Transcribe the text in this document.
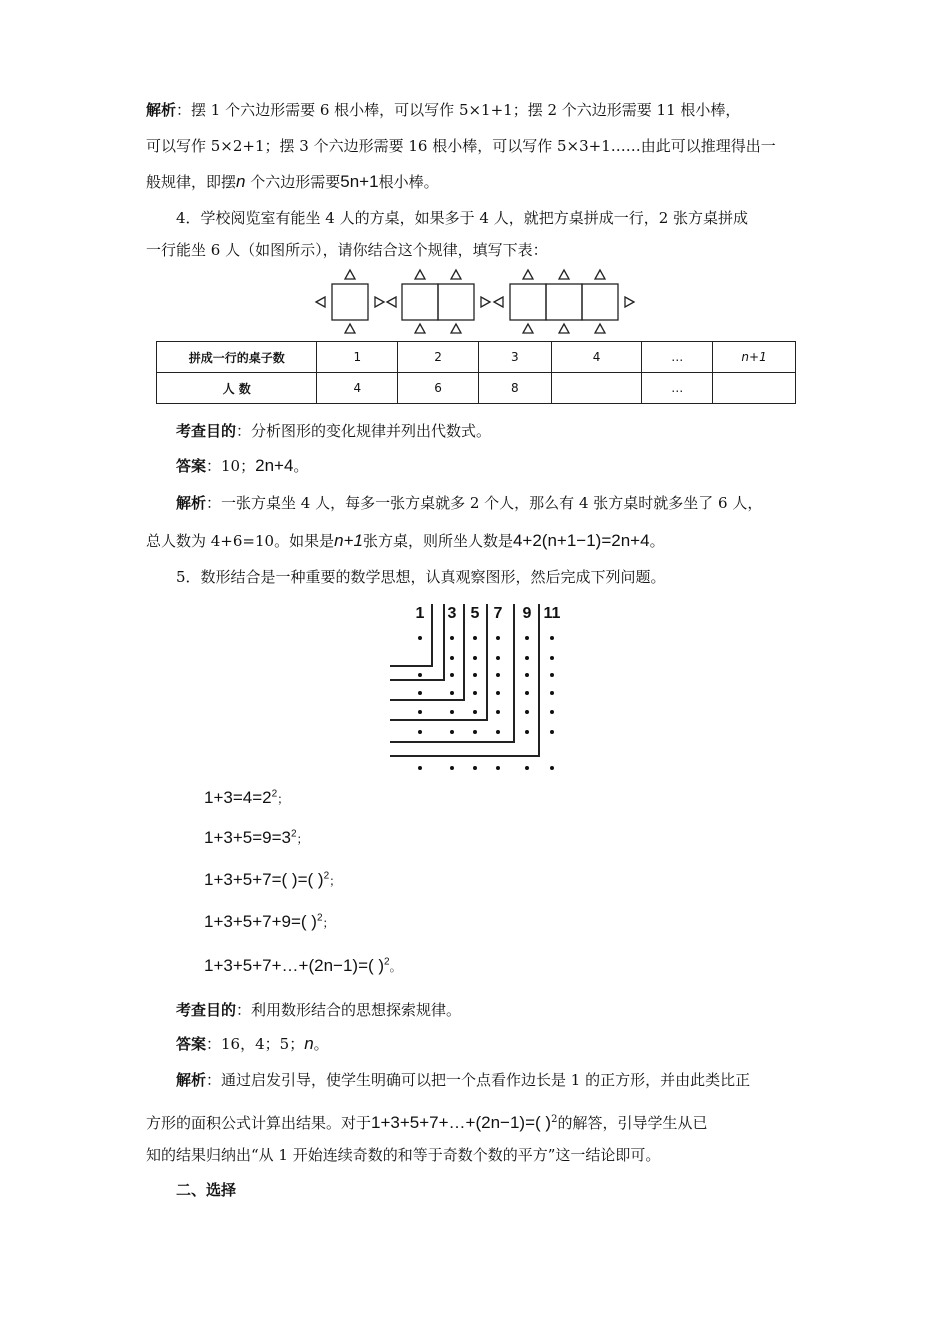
解析：摆 1 个六边形需要 6 根小棒，可以写作 5×1+1；摆 2 个六边形需要 11 根小棒，
可以写作 5×2+1；摆 3 个六边形需要 16 根小棒，可以写作 5×3+1……由此可以推理得出一
般规律，即摆n 个六边形需要5n+1根小棒。
4．学校阅览室有能坐 4 人的方桌，如果多于 4 人，就把方桌拼成一行，2 张方桌拼成
一行能坐 6 人（如图所示），请你结合这个规律，填写下表：
拼成一行的桌子数	1	2	3	4	…	n+1
人 数	4	6	8		…	
考查目的：分析图形的变化规律并列出代数式。
答案：10；2n+4。
解析：一张方桌坐 4 人，每多一张方桌就多 2 个人，那么有 4 张方桌时就多坐了 6 人，
总人数为 4+6=10。如果是n+1张方桌，则所坐人数是4+2(n+1−1)=2n+4。
5．数形结合是一种重要的数学思想，认真观察图形，然后完成下列问题。
1 3 5 7 9 11
$1+3=4=2^2$；
$1+3+5=9=3^2$；
1+3+5+7=( )=( )$^2$；
1+3+5+7+9=( )$^2$；
1+3+5+7+…+(2n−1)=( )$^2$。
考查目的：利用数形结合的思想探索规律。
答案：16，4；5；n。
解析：通过启发引导，使学生明确可以把一个点看作边长是 1 的正方形，并由此类比正
方形的面积公式计算出结果。对于1+3+5+7+…+(2n−1)=( )$^2$的解答，引导学生从已
知的结果归纳出“从 1 开始连续奇数的和等于奇数个数的平方”这一结论即可。
二、选择
